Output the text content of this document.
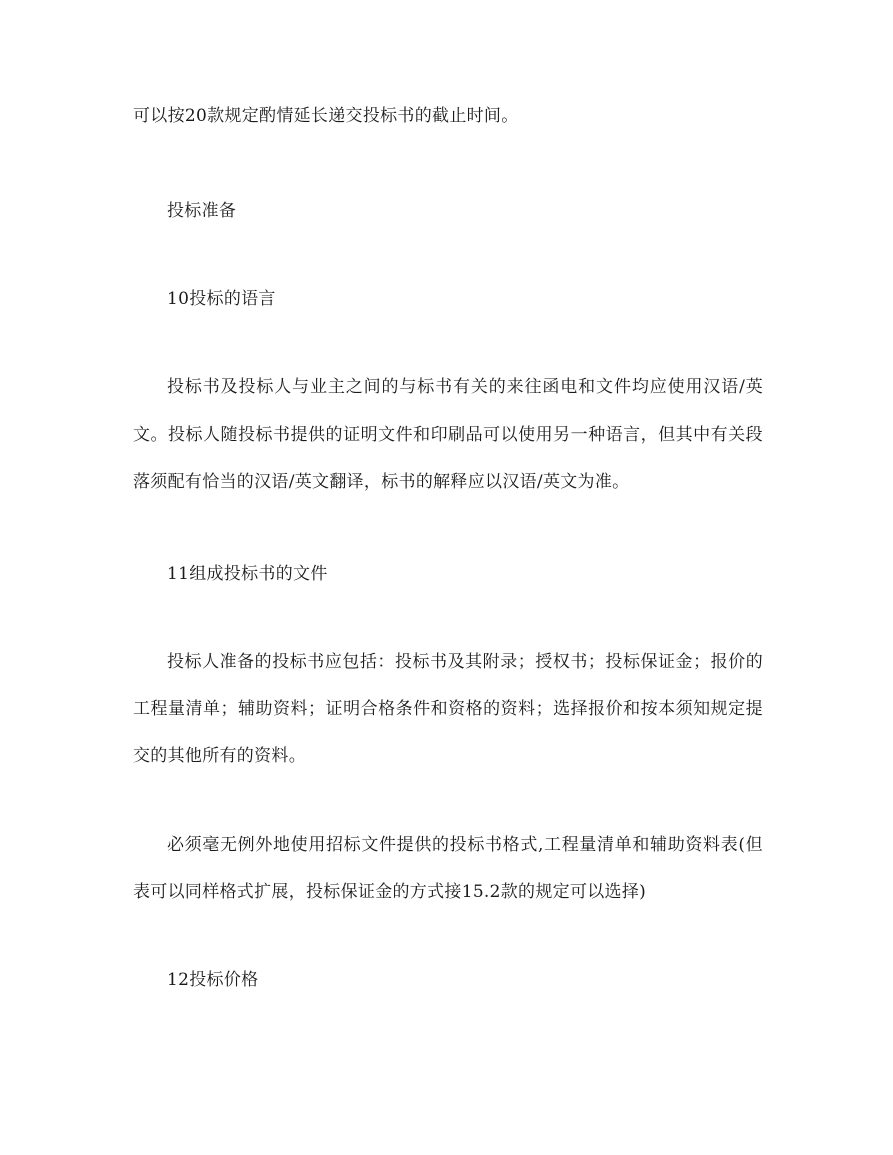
可以按20款规定酌情延长递交投标书的截止时间。
投标准备
10投标的语言
投标书及投标人与业主之间的与标书有关的来往函电和文件均应使用汉语/英
文。投标人随投标书提供的证明文件和印刷品可以使用另一种语言，但其中有关段
落须配有恰当的汉语/英文翻译，标书的解释应以汉语/英文为准。
11组成投标书的文件
投标人准备的投标书应包括：投标书及其附录；授权书；投标保证金；报价的
工程量清单；辅助资料；证明合格条件和资格的资料；选择报价和按本须知规定提
交的其他所有的资料。
必须毫无例外地使用招标文件提供的投标书格式,工程量清单和辅助资料表(但
表可以同样格式扩展，投标保证金的方式接15.2款的规定可以选择)
12投标价格
